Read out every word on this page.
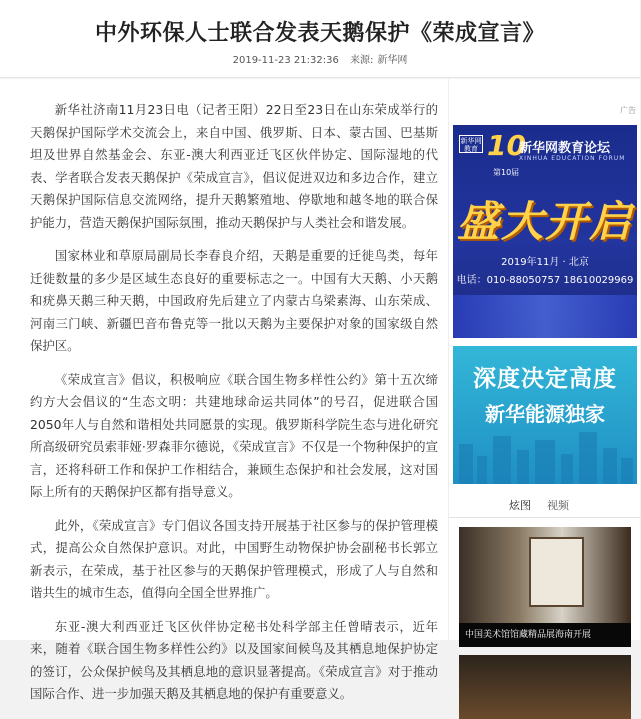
中外环保人士联合发表天鹅保护《荣成宣言》
2019-11-23 21:32:36 来源: 新华网

新华社济南11月23日电（记者王阳）22日至23日在山东荣成举行的天鹅保护国际学术交流会上，来自中国、俄罗斯、日本、蒙古国、巴基斯坦及世界自然基金会、东亚-澳大利西亚迁飞区伙伴协定、国际湿地的代表、学者联合发表天鹅保护《荣成宣言》，倡议促进双边和多边合作，建立天鹅保护国际信息交流网络，提升天鹅繁殖地、停歇地和越冬地的联合保护能力，营造天鹅保护国际氛围，推动天鹅保护与人类社会和谐发展。

国家林业和草原局副局长李春良介绍，天鹅是重要的迁徙鸟类，每年迁徙数量的多少是区域生态良好的重要标志之一。中国有大天鹅、小天鹅和疣鼻天鹅三种天鹅，中国政府先后建立了内蒙古乌梁素海、山东荣成、河南三门峡、新疆巴音布鲁克等一批以天鹅为主要保护对象的国家级自然保护区。

《荣成宣言》倡议，积极响应《联合国生物多样性公约》第十五次缔约方大会倡议的“生态文明：共建地球命运共同体”的号召，促进联合国2050年人与自然和谐相处共同愿景的实现。俄罗斯科学院生态与进化研究所高级研究员索菲娅·罗森菲尔德说，《荣成宣言》不仅是一个物种保护的宣言，还将科研工作和保护工作相结合，兼顾生态保护和社会发展，这对国际上所有的天鹅保护区都有指导意义。

此外，《荣成宣言》专门倡议各国支持开展基于社区参与的保护管理模式，提高公众自然保护意识。对此，中国野生动物保护协会副秘书长郭立新表示，在荣成，基于社区参与的天鹅保护管理模式，形成了人与自然和谐共生的城市生态，值得向全国全世界推广。

东亚-澳大利西亚迁飞区伙伴协定秘书处科学部主任曾晴表示，近年来，随着《联合国生物多样性公约》以及国家间候鸟及其栖息地保护协定的签订，公众保护候鸟及其栖息地的意识显著提高。《荣成宣言》对于推动国际合作、进一步加强天鹅及其栖息地的保护有重要意义。

广告
新华网 教育 10
新华网教育论坛
XINHUA EDUCATION FORUM
第10届
盛大开启
2019年11月 · 北京
电话：010-88050757 18610029969
深度决定高度
新华能源独家
炫图 视频
中国美术馆馆藏精品展海南开展
